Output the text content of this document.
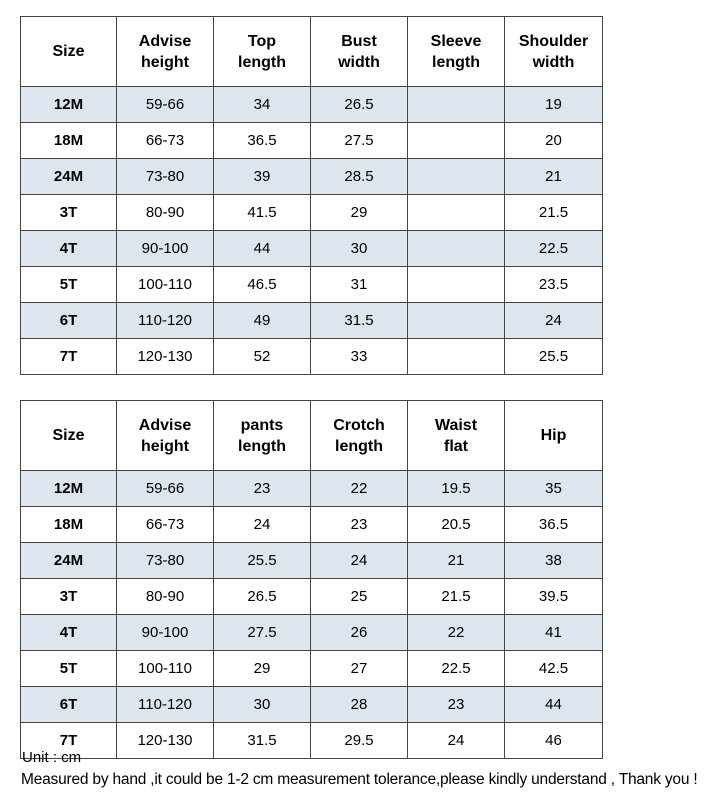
Size	Advise height	Top length	Bust width	Sleeve length	Shoulder width

12M	59-66	34	26.5		19
18M	66-73	36.5	27.5		20
24M	73-80	39	28.5		21
3T	80-90	41.5	29		21.5
4T	90-100	44	30		22.5
5T	100-110	46.5	31		23.5
6T	110-120	49	31.5		24
7T	120-130	52	33		25.5
Size	Advise height	pants length	Crotch length	Waist flat	Hip
12M	59-66	23	22	19.5	35
18M	66-73	24	23	20.5	36.5
24M	73-80	25.5	24	21	38
3T	80-90	26.5	25	21.5	39.5
4T	90-100	27.5	26	22	41
5T	100-110	29	27	22.5	42.5
6T	110-120	30	28	23	44
7T	120-130	31.5	29.5	24	46
Unit : cm
Measured by hand ,it could be 1-2 cm measurement tolerance,please kindly understand , Thank you !
